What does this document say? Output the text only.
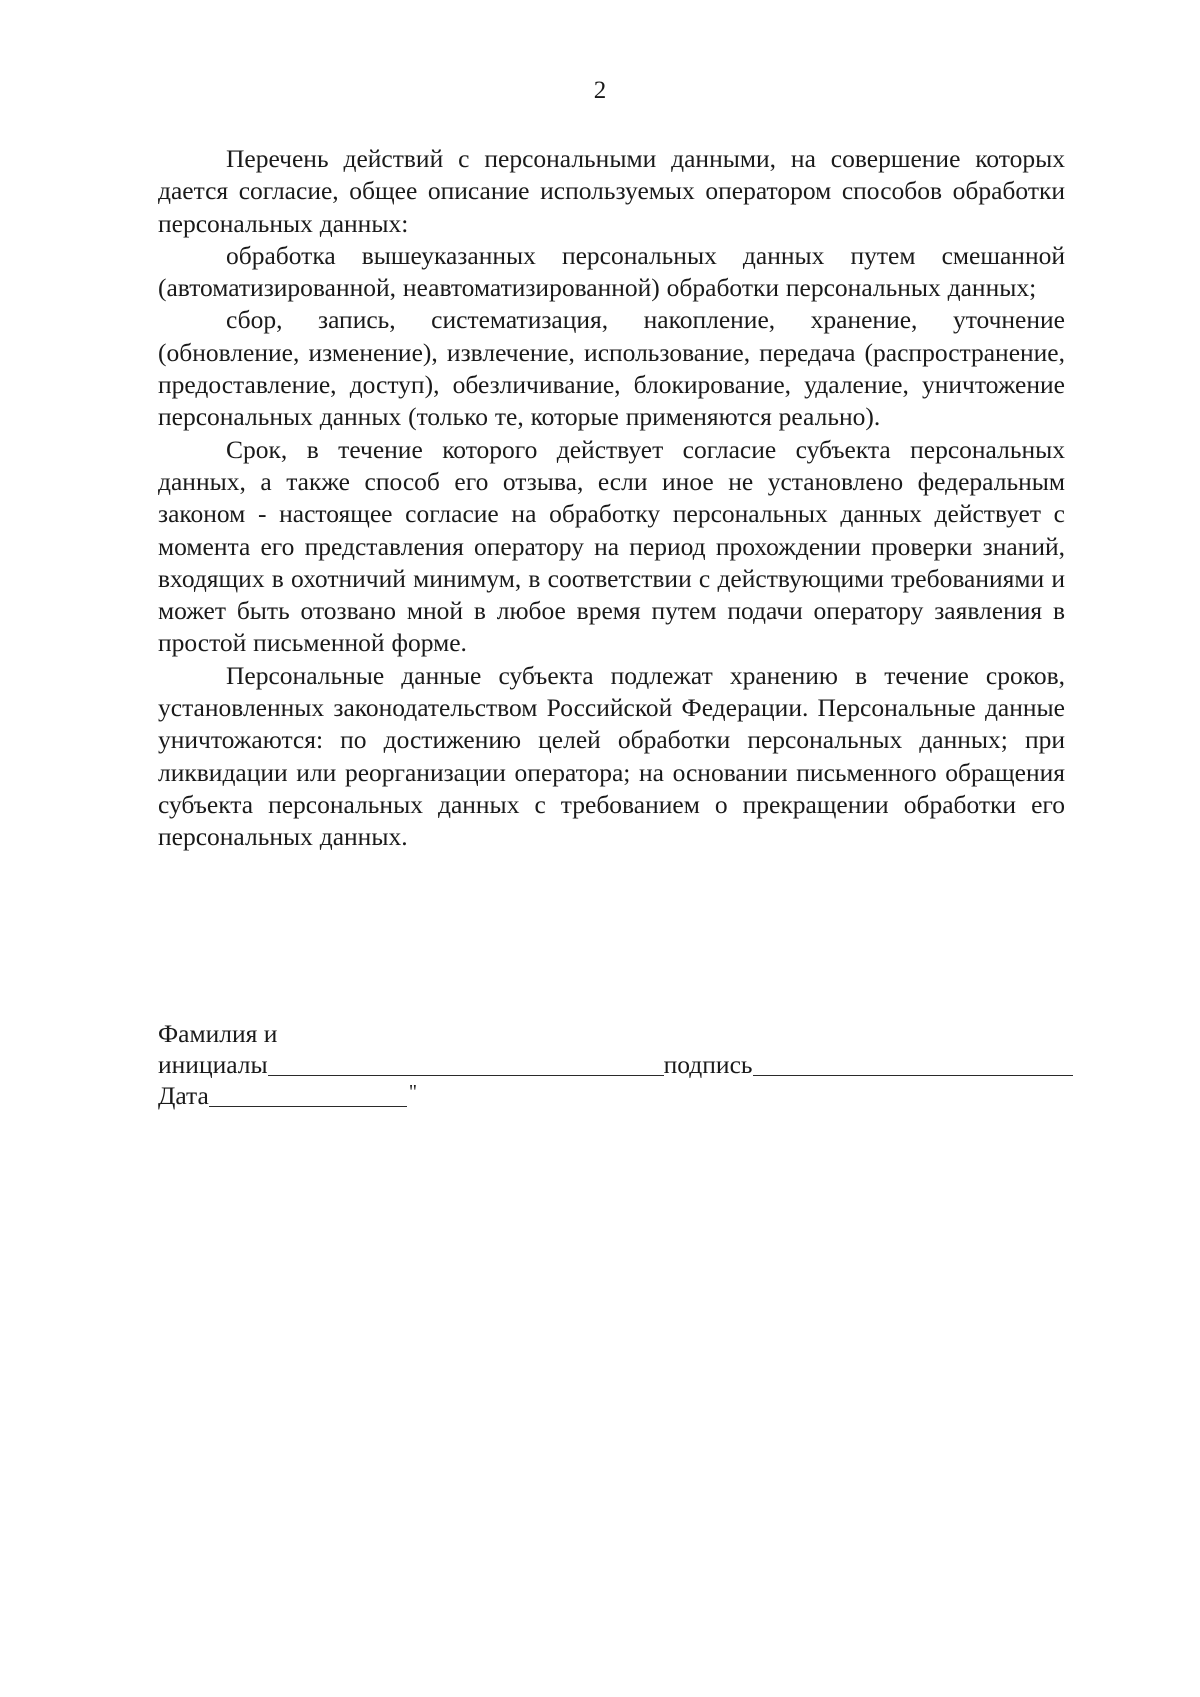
2

Перечень действий с персональными данными, на совершение которых дается согласие, общее описание используемых оператором способов обработки персональных данных:

обработка вышеуказанных персональных данных путем смешанной (автоматизированной, неавтоматизированной) обработки персональных данных;

сбор, запись, систематизация, накопление, хранение, уточнение (обновление, изменение), извлечение, использование, передача (распространение, предоставление, доступ), обезличивание, блокирование, удаление, уничтожение персональных данных (только те, которые применяются реально).

Срок, в течение которого действует согласие субъекта персональных данных, а также способ его отзыва, если иное не установлено федеральным законом - настоящее согласие на обработку персональных данных действует с момента его представления оператору на период прохождении проверки знаний, входящих в охотничий минимум, в соответствии с действующими требованиями и может быть отозвано мной в любое время путем подачи оператору заявления в простой письменной форме.

Персональные данные субъекта подлежат хранению в течение сроков, установленных законодательством Российской Федерации. Персональные данные уничтожаются: по достижению целей обработки персональных данных; при ликвидации или реорганизации оператора; на основании письменного обращения субъекта персональных данных с требованием о прекращении обработки его персональных данных.

Фамилия и
инициалы	подпись
Дата	"
